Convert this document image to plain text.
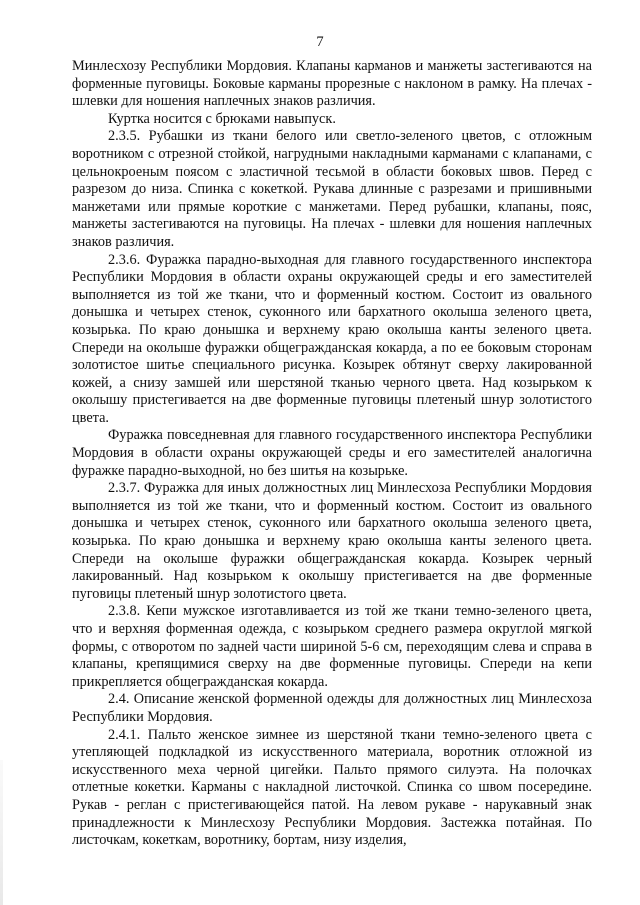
7

Минлесхозу Республики Мордовия. Клапаны карманов и манжеты застегиваются на форменные пуговицы. Боковые карманы прорезные с наклоном в рамку. На плечах - шлевки для ношения наплечных знаков различия.

Куртка носится с брюками навыпуск.

2.3.5. Рубашки из ткани белого или светло-зеленого цветов, с отложным воротником с отрезной стойкой, нагрудными накладными карманами с клапанами, с цельнокроеным поясом с эластичной тесьмой в области боковых швов. Перед с разрезом до низа. Спинка с кокеткой. Рукава длинные с разрезами и пришивными манжетами или прямые короткие с манжетами. Перед рубашки, клапаны, пояс, манжеты застегиваются на пуговицы. На плечах - шлевки для ношения наплечных знаков различия.

2.3.6. Фуражка парадно-выходная для главного государственного инспектора Республики Мордовия в области охраны окружающей среды и его заместителей выполняется из той же ткани, что и форменный костюм. Состоит из овального донышка и четырех стенок, суконного или бархатного околыша зеленого цвета, козырька. По краю донышка и верхнему краю околыша канты зеленого цвета. Спереди на околыше фуражки общегражданская кокарда, а по ее боковым сторонам золотистое шитье специального рисунка. Козырек обтянут сверху лакированной кожей, а снизу замшей или шерстяной тканью черного цвета. Над козырьком к околышу пристегивается на две форменные пуговицы плетеный шнур золотистого цвета.

Фуражка повседневная для главного государственного инспектора Республики Мордовия в области охраны окружающей среды и его заместителей аналогична фуражке парадно-выходной, но без шитья на козырьке.

2.3.7. Фуражка для иных должностных лиц Минлесхоза Республики Мордовия выполняется из той же ткани, что и форменный костюм. Состоит из овального донышка и четырех стенок, суконного или бархатного околыша зеленого цвета, козырька. По краю донышка и верхнему краю околыша канты зеленого цвета. Спереди на околыше фуражки общегражданская кокарда. Козырек черный лакированный. Над козырьком к околышу пристегивается на две форменные пуговицы плетеный шнур золотистого цвета.

2.3.8. Кепи мужское изготавливается из той же ткани темно-зеленого цвета, что и верхняя форменная одежда, с козырьком среднего размера округлой мягкой формы, с отворотом по задней части шириной 5-6 см, переходящим слева и справа в клапаны, крепящимися сверху на две форменные пуговицы. Спереди на кепи прикрепляется общегражданская кокарда.

2.4. Описание женской форменной одежды для должностных лиц Минлесхоза Республики Мордовия.

2.4.1. Пальто женское зимнее из шерстяной ткани темно-зеленого цвета с утепляющей подкладкой из искусственного материала, воротник отложной из искусственного меха черной цигейки. Пальто прямого силуэта. На полочках отлетные кокетки. Карманы с накладной листочкой. Спинка со швом посередине. Рукав - реглан с пристегивающейся патой. На левом рукаве - нарукавный знак принадлежности к Минлесхозу Республики Мордовия. Застежка потайная. По листочкам, кокеткам, воротнику, бортам, низу изделия,
